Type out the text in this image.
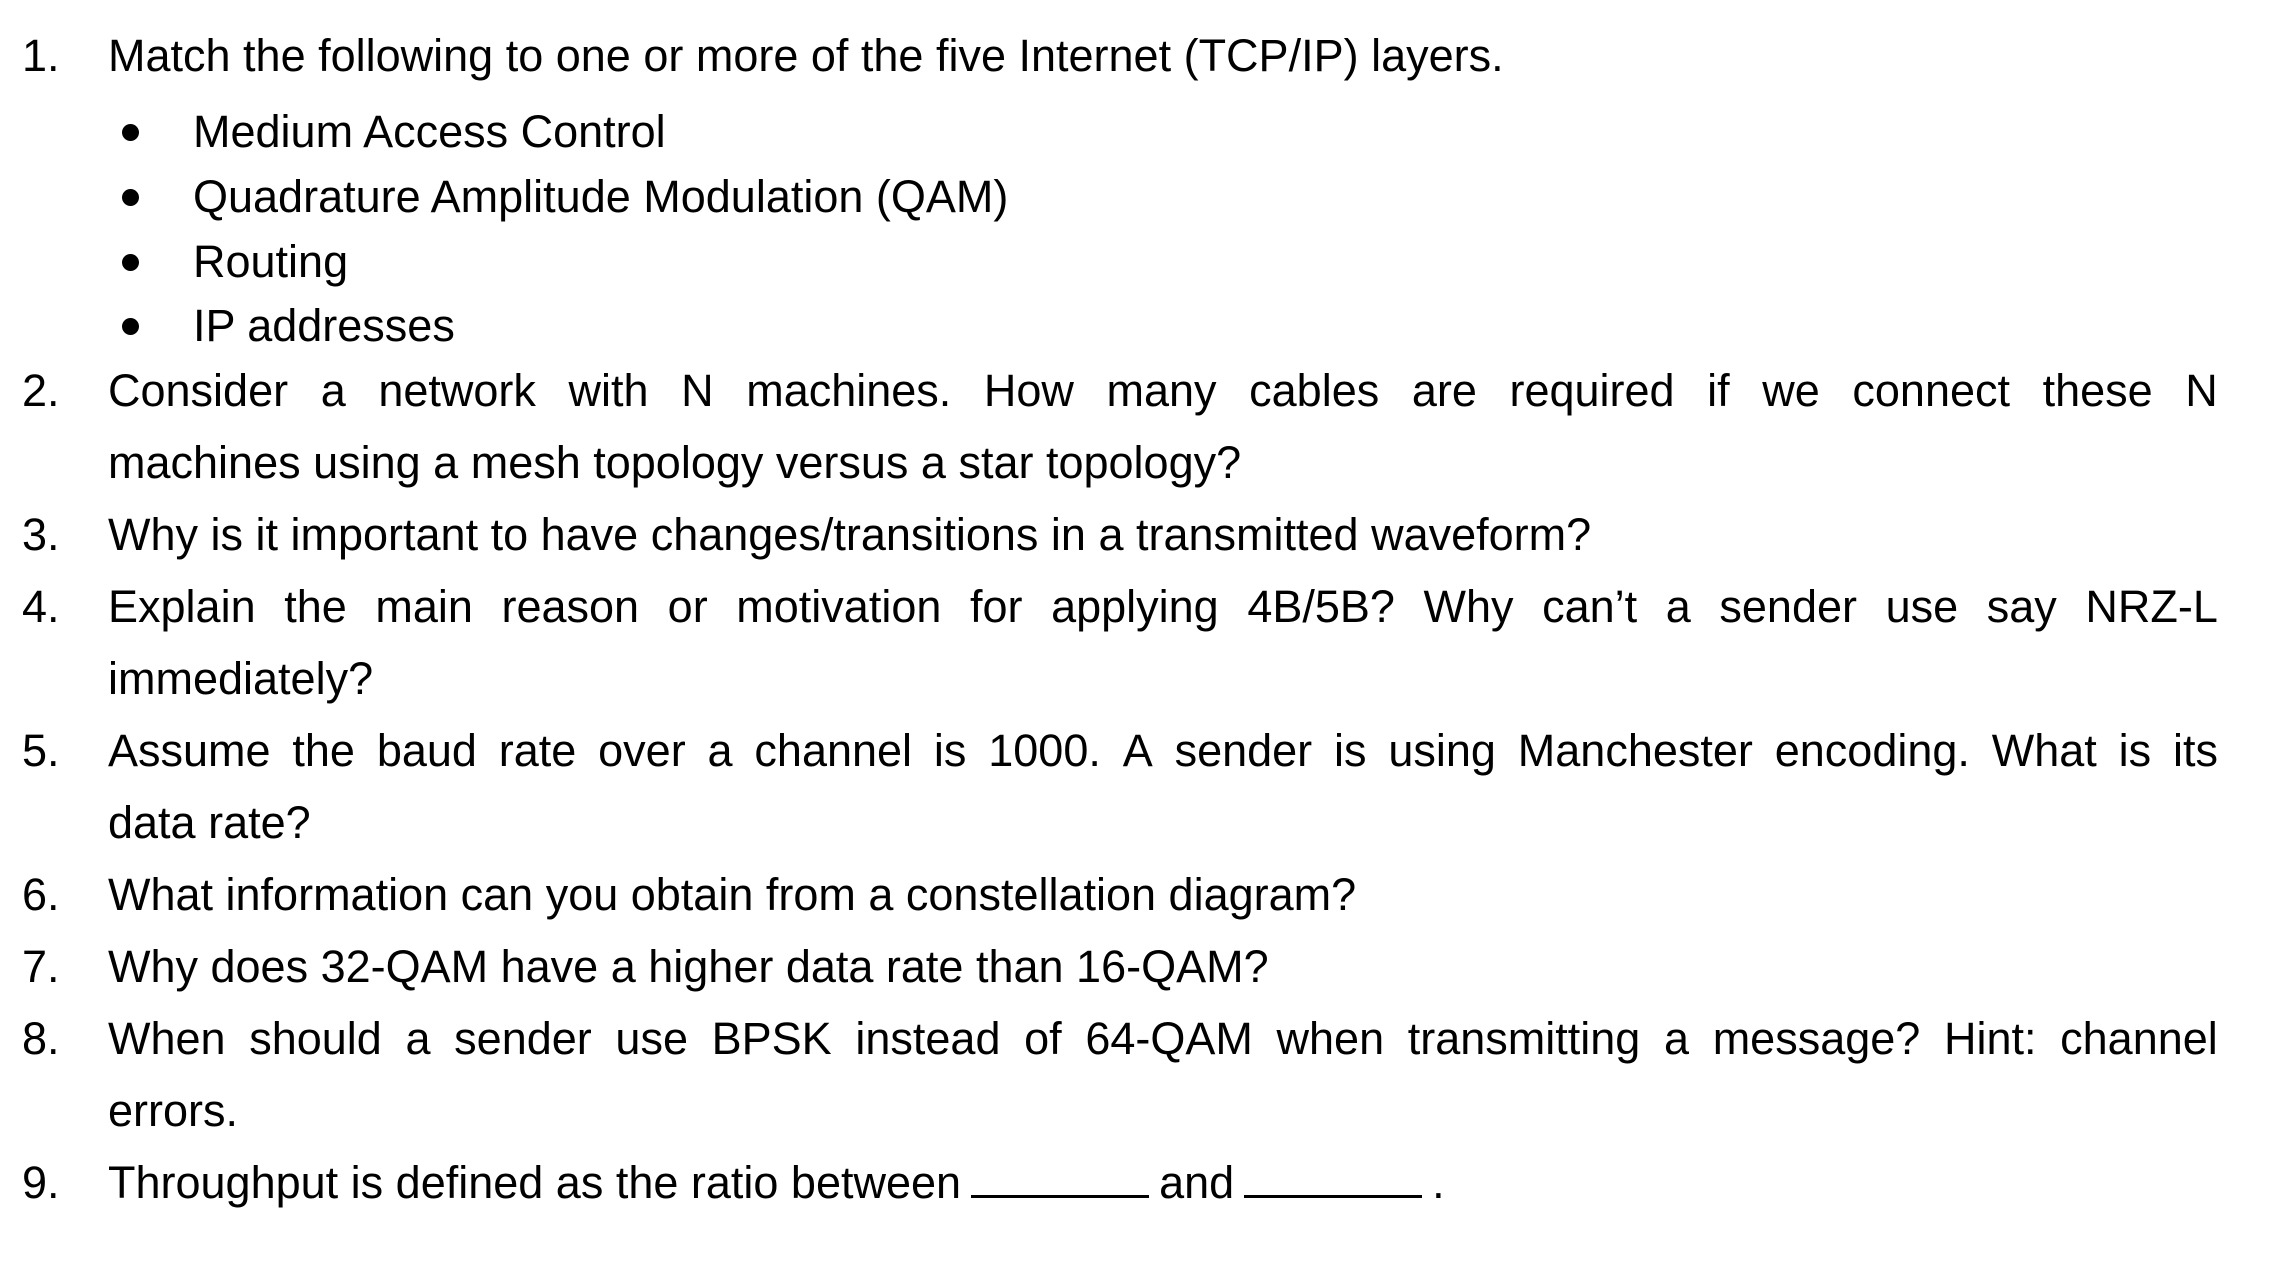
1. Match the following to one or more of the five Internet (TCP/IP) layers.
Medium Access Control
Quadrature Amplitude Modulation (QAM)
Routing
IP addresses
2. Consider a network with N machines. How many cables are required if we connect these N
machines using a mesh topology versus a star topology?
3. Why is it important to have changes/transitions in a transmitted waveform?
4. Explain the main reason or motivation for applying 4B/5B? Why can’t a sender use say NRZ-L
immediately?
5. Assume the baud rate over a channel is 1000. A sender is using Manchester encoding. What is its
data rate?
6. What information can you obtain from a constellation diagram?
7. Why does 32-QAM have a higher data rate than 16-QAM?
8. When should a sender use BPSK instead of 64-QAM when transmitting a message? Hint: channel
errors.
9. Throughput is defined as the ratio between	and	.
